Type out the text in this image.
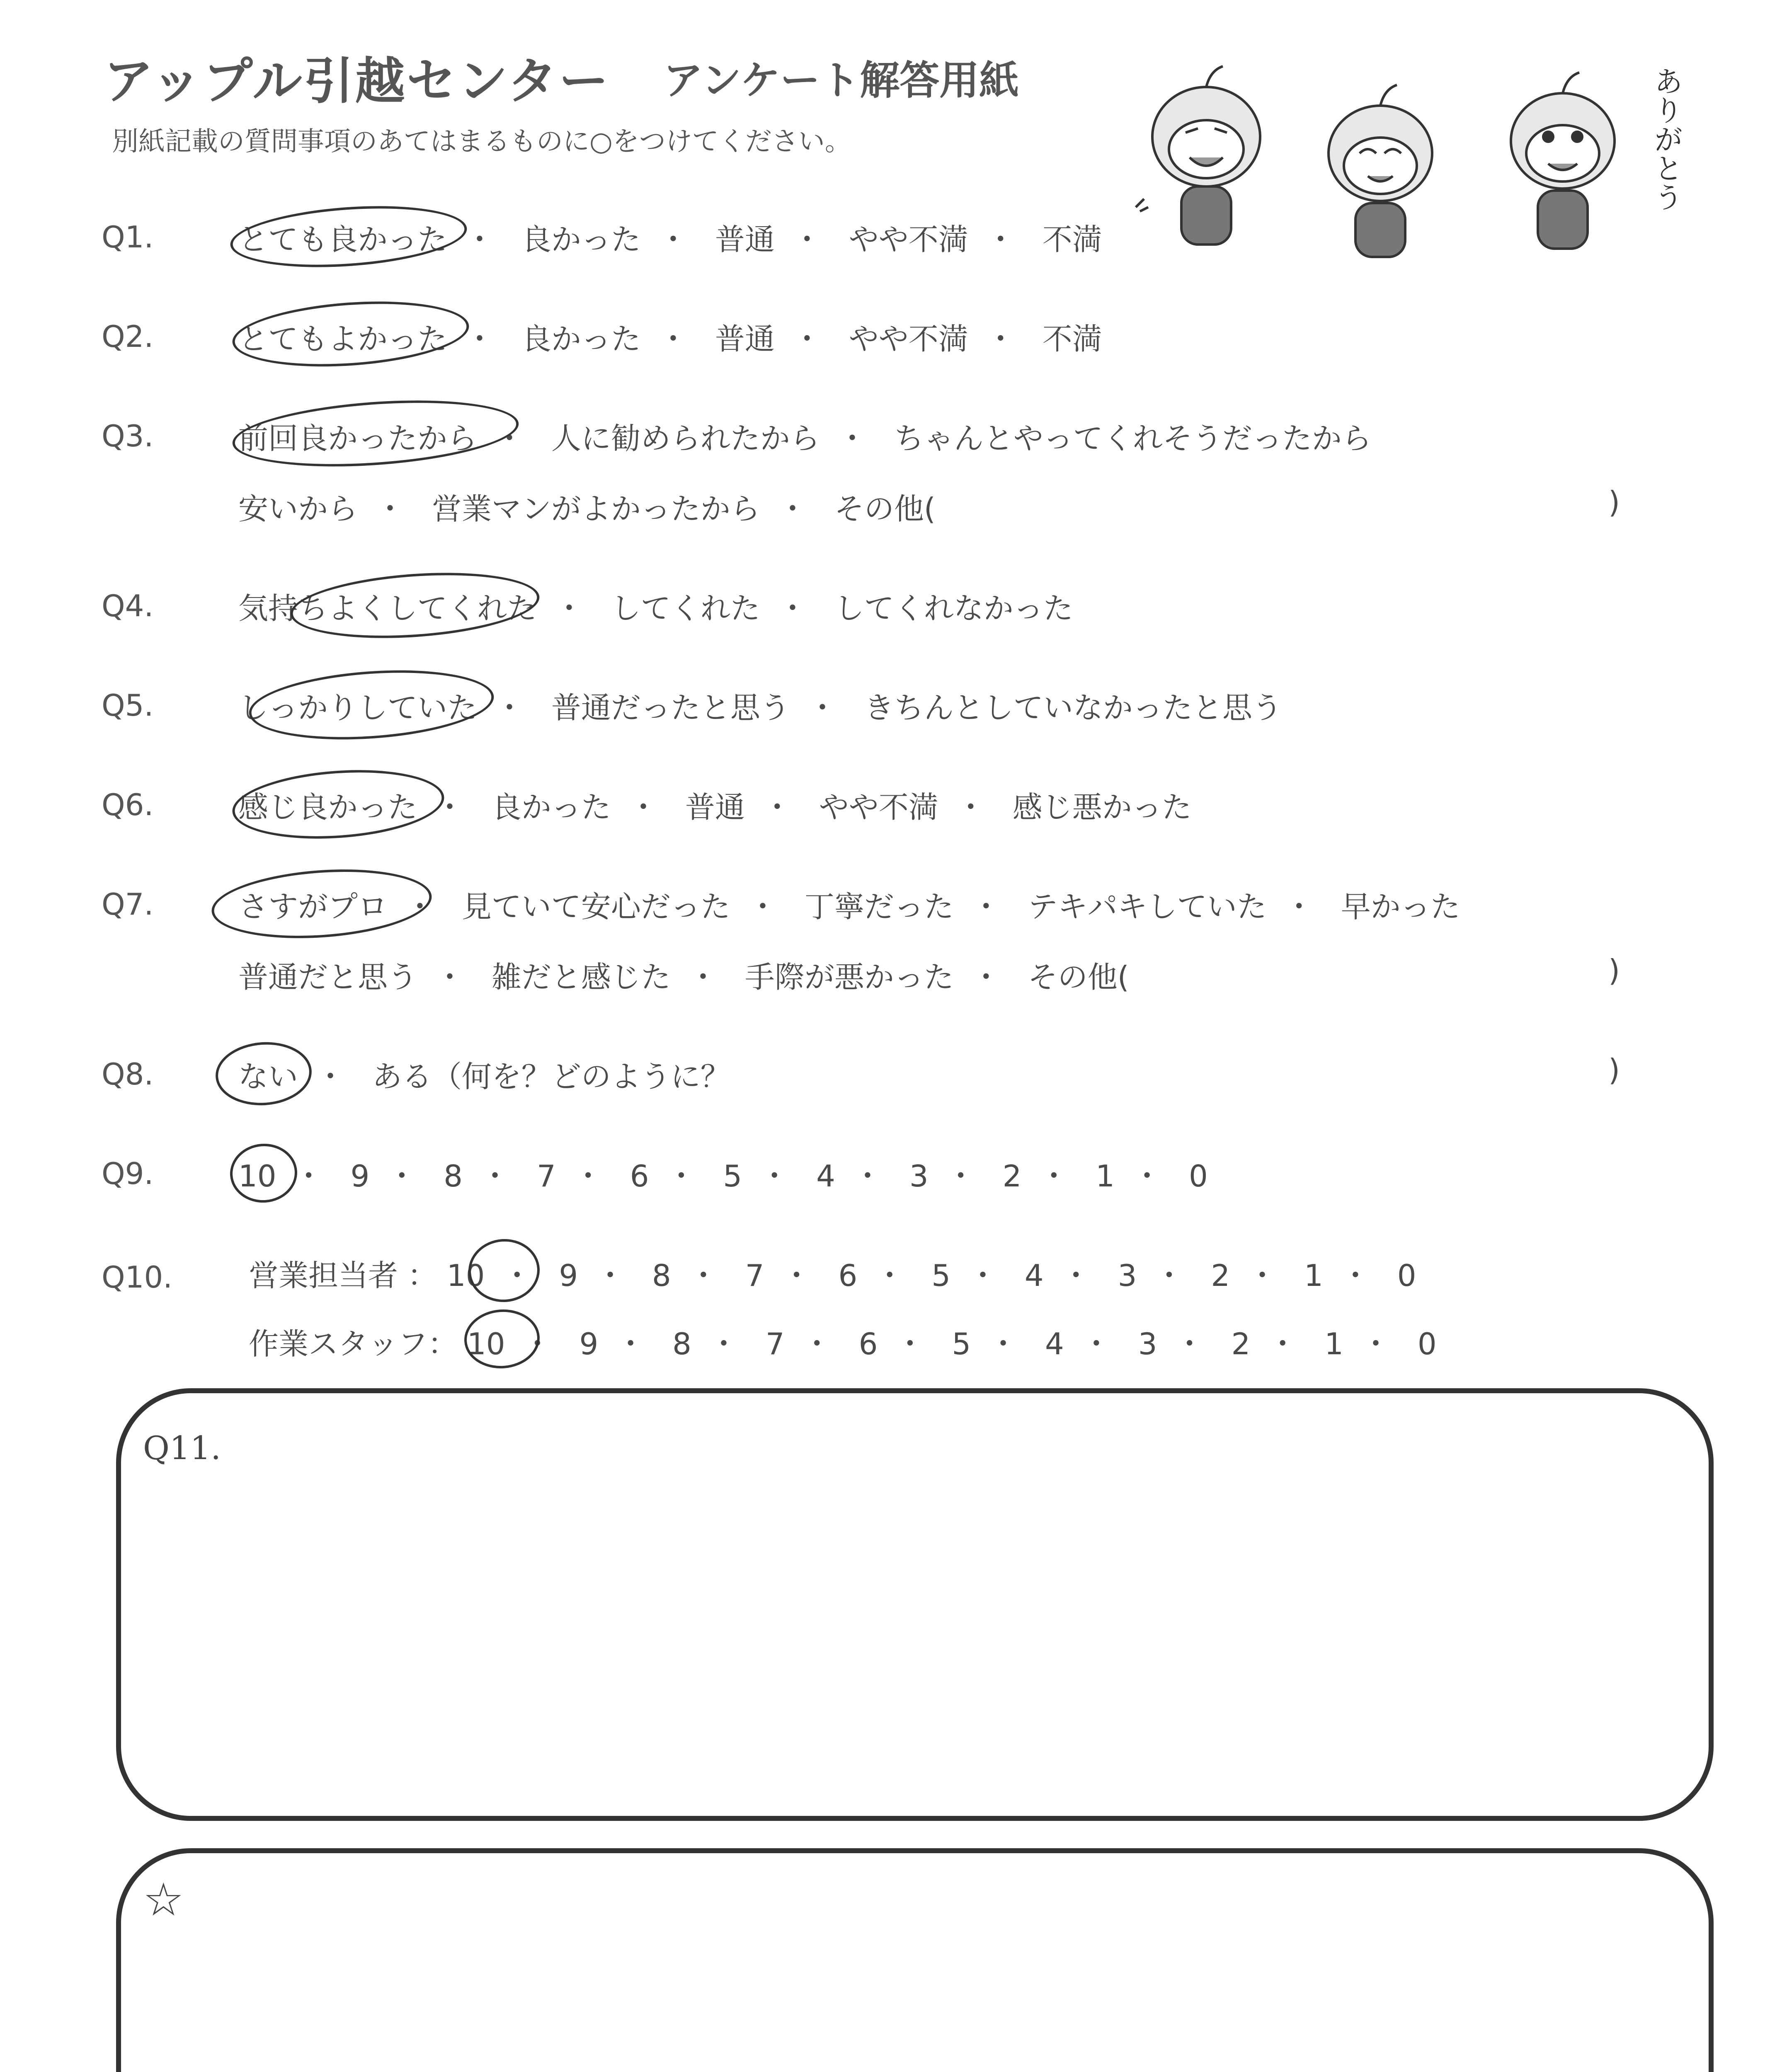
アップル引越センター アンケート解答用紙
別紙記載の質問事項のあてはまるものに○をつけてください。	ありがとう
Q1.	とても良かった ・ 良かった ・ 普通 ・ やや不満 ・ 不満
Q2.	とてもよかった ・ 良かった ・ 普通 ・ やや不満 ・ 不満
Q3.	前回良かったから ・ 人に勧められたから ・ ちゃんとやってくれそうだったから
安いから ・ 営業マンがよかったから ・ その他(	)
Q4.	気持ちよくしてくれた ・ してくれた ・ してくれなかった
Q5.	しっかりしていた ・ 普通だったと思う ・ きちんとしていなかったと思う
Q6.	感じ良かった ・ 良かった ・ 普通 ・ やや不満 ・ 感じ悪かった
Q7.	さすがプロ ・ 見ていて安心だった ・ 丁寧だった ・ テキパキしていた ・ 早かった
普通だと思う ・ 雑だと感じた ・ 手際が悪かった ・ その他(	)
Q8.	ない ・ ある（何を？どのように？	)
Q9.	10 ・ 9 ・ 8 ・ 7 ・ 6 ・ 5 ・ 4 ・ 3 ・ 2 ・ 1 ・ 0
Q10.	営業担当者 ： 10 ・ 9 ・ 8 ・ 7 ・ 6 ・ 5 ・ 4 ・ 3 ・ 2 ・ 1 ・ 0
作業スタッフ： 10 ・ 9 ・ 8 ・ 7 ・ 6 ・ 5 ・ 4 ・ 3 ・ 2 ・ 1 ・ 0
Q11.
☆
